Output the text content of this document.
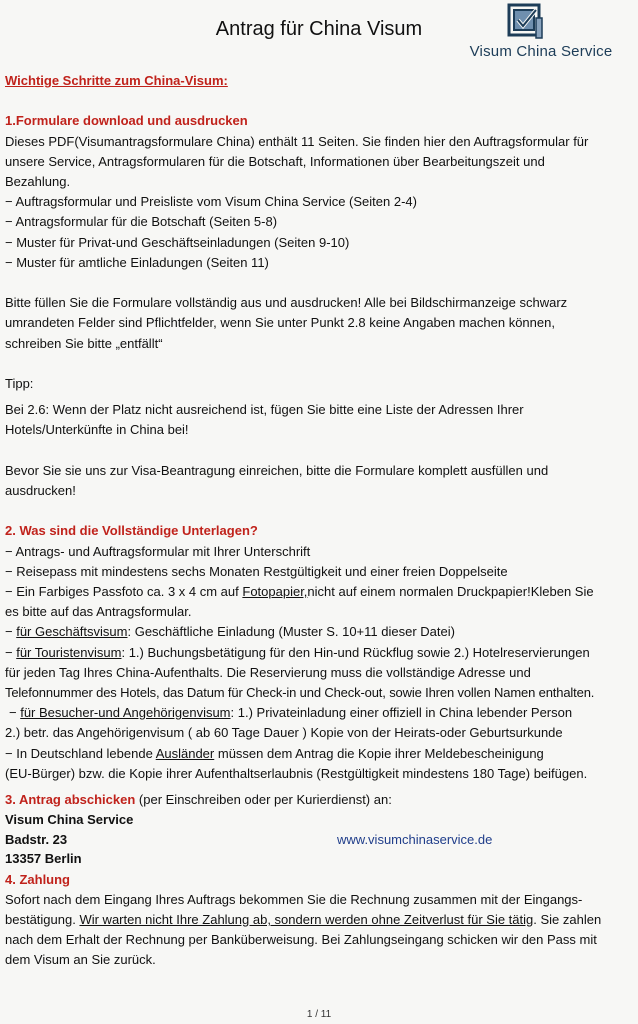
Antrag für China Visum
Visum China Service

Wichtige Schritte zum China-Visum:

1.Formulare download und ausdrucken

Dieses PDF(Visumantragsformulare China) enthält 11 Seiten. Sie finden hier den Auftragsformular für

unsere Service, Antragsformularen für die Botschaft, Informationen über Bearbeitungszeit und

Bezahlung.

− Auftragsformular und Preisliste vom Visum China Service (Seiten 2-4)

− Antragsformular für die Botschaft (Seiten 5-8)

− Muster für Privat-und Geschäftseinladungen (Seiten 9-10)

− Muster für amtliche Einladungen (Seiten 11)

Bitte füllen Sie die Formulare vollständig aus und ausdrucken! Alle bei Bildschirmanzeige schwarz

umrandeten Felder sind Pflichtfelder, wenn Sie unter Punkt 2.8 keine Angaben machen können,

schreiben Sie bitte „entfällt“

Tipp:

Bei 2.6: Wenn der Platz nicht ausreichend ist, fügen Sie bitte eine Liste der Adressen Ihrer

Hotels/Unterkünfte in China bei!

Bevor Sie sie uns zur Visa-Beantragung einreichen, bitte die Formulare komplett ausfüllen und

ausdrucken!

2. Was sind die Vollständige Unterlagen?

− Antrags- und Auftragsformular mit Ihrer Unterschrift

− Reisepass mit mindestens sechs Monaten Restgültigkeit und einer freien Doppelseite

− Ein Farbiges Passfoto ca. 3 x 4 cm auf Fotopapier,nicht auf einem normalen Druckpapier!Kleben Sie

es bitte auf das Antragsformular.

− für Geschäftsvisum: Geschäftliche Einladung (Muster S. 10+11 dieser Datei)

− für Touristenvisum: 1.) Buchungsbetätigung für den Hin-und Rückflug sowie 2.) Hotelreservierungen

für jeden Tag Ihres China-Aufenthalts. Die Reservierung muss die vollständige Adresse und

Telefonnummer des Hotels, das Datum für Check-in und Check-out, sowie Ihren vollen Namen enthalten.

− für Besucher-und Angehörigenvisum: 1.) Privateinladung einer offiziell in China lebender Person

2.) betr. das Angehörigenvisum ( ab 60 Tage Dauer ) Kopie von der Heirats-oder Geburtsurkunde

− In Deutschland lebende Ausländer müssen dem Antrag die Kopie ihrer Meldebescheinigung

(EU-Bürger) bzw. die Kopie ihrer Aufenthaltserlaubnis (Restgültigkeit mindestens 180 Tage) beifügen.

3. Antrag abschicken (per Einschreiben oder per Kurierdienst) an:

Visum China Service

Badstr. 23	www.visumchinaservice.de

13357 Berlin

4. Zahlung

Sofort nach dem Eingang Ihres Auftrags bekommen Sie die Rechnung zusammen mit der Eingangs-

bestätigung. Wir warten nicht Ihre Zahlung ab, sondern werden ohne Zeitverlust für Sie tätig. Sie zahlen

nach dem Erhalt der Rechnung per Banküberweisung. Bei Zahlungseingang schicken wir den Pass mit

dem Visum an Sie zurück.

1 / 11
